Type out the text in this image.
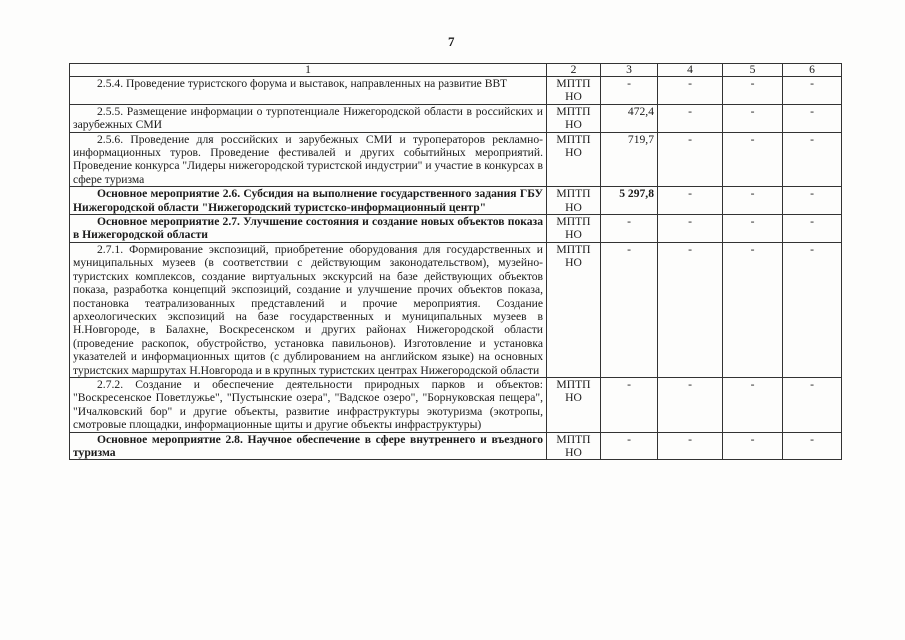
7
1	2	3	4	5	6
2.5.4. Проведение туристского форума и выставок, направленных на развитие ВВТ	МПТП НО	-	-	-	-
2.5.5. Размещение информации о турпотенциале Нижегородской области в российских и зарубежных СМИ	МПТП НО	472,4	-	-	-
2.5.6. Проведение для российских и зарубежных СМИ и туроператоров рекламно-информационных туров. Проведение фестивалей и других событийных мероприятий. Проведение конкурса "Лидеры нижегородской туристской индустрии" и участие в конкурсах в сфере туризма	МПТП НО	719,7	-	-	-
Основное мероприятие 2.6. Субсидия на выполнение государственного задания ГБУ Нижегородской области "Нижегородский туристско-информационный центр"	МПТП НО	5 297,8	-	-	-
Основное мероприятие 2.7. Улучшение состояния и создание новых объектов показа в Нижегородской области	МПТП НО	-	-	-	-
2.7.1. Формирование экспозиций, приобретение оборудования для государственных и муниципальных музеев (в соответствии с действующим законодательством), музейно-туристских комплексов, создание виртуальных экскурсий на базе действующих объектов показа, разработка концепций экспозиций, создание и улучшение прочих объектов показа, постановка театрализованных представлений и прочие мероприятия. Создание археологических экспозиций на базе государственных и муниципальных музеев в Н.Новгороде, в Балахне, Воскресенском и других районах Нижегородской области (проведение раскопок, обустройство, установка павильонов). Изготовление и установка указателей и информационных щитов (с дублированием на английском языке) на основных туристских маршрутах Н.Новгорода и в крупных туристских центрах Нижегородской области	МПТП НО	-	-	-	-
2.7.2. Создание и обеспечение деятельности природных парков и объектов: "Воскресенское Поветлужье", "Пустынские озера", "Вадское озеро", "Борнуковская пещера", "Ичалковский бор" и другие объекты, развитие инфраструктуры экотуризма (экотропы, смотровые площадки, информационные щиты и другие объекты инфраструктуры)	МПТП НО	-	-	-	-
Основное мероприятие 2.8. Научное обеспечение в сфере внутреннего и въездного туризма	МПТП НО	-	-	-	-
